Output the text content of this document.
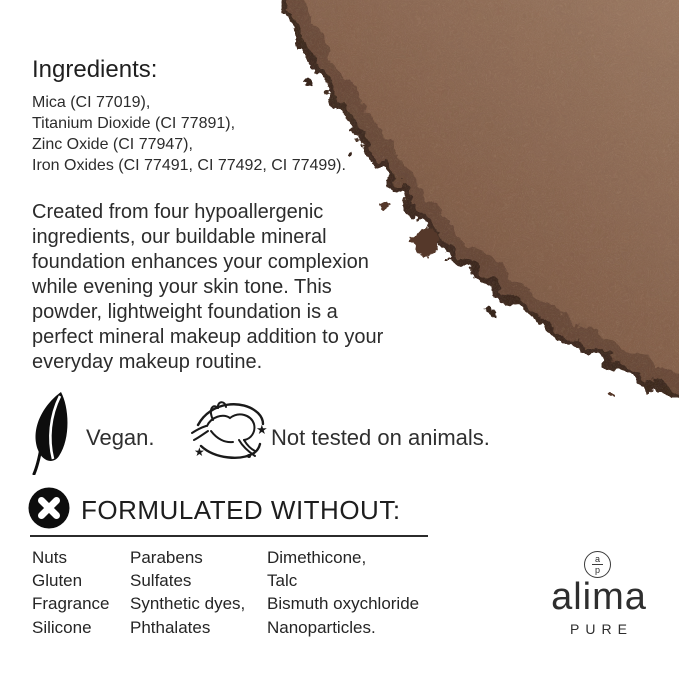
Ingredients:
Mica (CI 77019),
Titanium Dioxide (CI 77891),
Zinc Oxide (CI 77947),
Iron Oxides (CI 77491, CI 77492, CI 77499).
Created from four hypoallergenic
ingredients, our buildable mineral
foundation enhances your complexion
while evening your skin tone. This
powder, lightweight foundation is a
perfect mineral makeup addition to your
everyday makeup routine.
Vegan.	★
★
Not tested on animals.
FORMULATED WITHOUT:
Nuts
Gluten
Fragrance
Silicone
Parabens
Sulfates
Synthetic dyes,
Phthalates
Dimethicone,
Talc
Bismuth oxychloride
Nanoparticles.
a
p
alima
PURE
